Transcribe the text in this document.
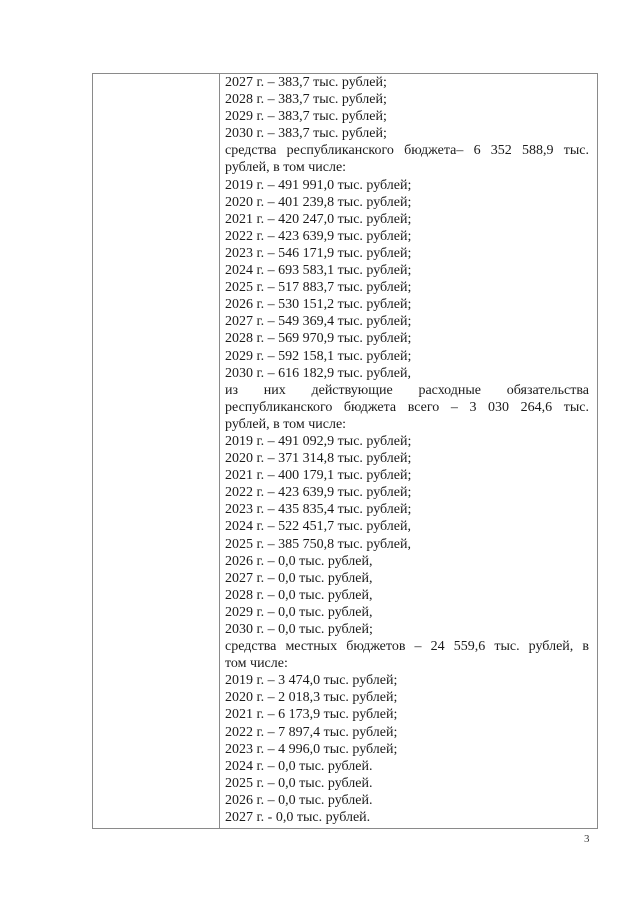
2027 г. – 383,7 тыс. рублей;
2028 г. – 383,7 тыс. рублей;
2029 г. – 383,7 тыс. рублей;
2030 г. – 383,7 тыс. рублей;
средства республиканского бюджета– 6 352 588,9 тыс.
рублей, в том числе:
2019 г. – 491 991,0 тыс. рублей;
2020 г. – 401 239,8 тыс. рублей;
2021 г. – 420 247,0 тыс. рублей;
2022 г. – 423 639,9 тыс. рублей;
2023 г. – 546 171,9 тыс. рублей;
2024 г. – 693 583,1 тыс. рублей;
2025 г. – 517 883,7 тыс. рублей;
2026 г. – 530 151,2 тыс. рублей;
2027 г. – 549 369,4 тыс. рублей;
2028 г. – 569 970,9 тыс. рублей;
2029 г. – 592 158,1 тыс. рублей;
2030 г. – 616 182,9 тыс. рублей,
из них действующие расходные обязательства
республиканского бюджета всего – 3 030 264,6 тыс.
рублей, в том числе:
2019 г. – 491 092,9 тыс. рублей;
2020 г. – 371 314,8 тыс. рублей;
2021 г. – 400 179,1 тыс. рублей;
2022 г. – 423 639,9 тыс. рублей;
2023 г. – 435 835,4 тыс. рублей;
2024 г. – 522 451,7 тыс. рублей,
2025 г. – 385 750,8 тыс. рублей,
2026 г. – 0,0 тыс. рублей,
2027 г. – 0,0 тыс. рублей,
2028 г. – 0,0 тыс. рублей,
2029 г. – 0,0 тыс. рублей,
2030 г. – 0,0 тыс. рублей;
средства местных бюджетов – 24 559,6 тыс. рублей, в
том числе:
2019 г. – 3 474,0 тыс. рублей;
2020 г. – 2 018,3 тыс. рублей;
2021 г. – 6 173,9 тыс. рублей;
2022 г. – 7 897,4 тыс. рублей;
2023 г. – 4 996,0 тыс. рублей;
2024 г. – 0,0 тыс. рублей.
2025 г. – 0,0 тыс. рублей.
2026 г. – 0,0 тыс. рублей.
2027 г. - 0,0 тыс. рублей.
3
